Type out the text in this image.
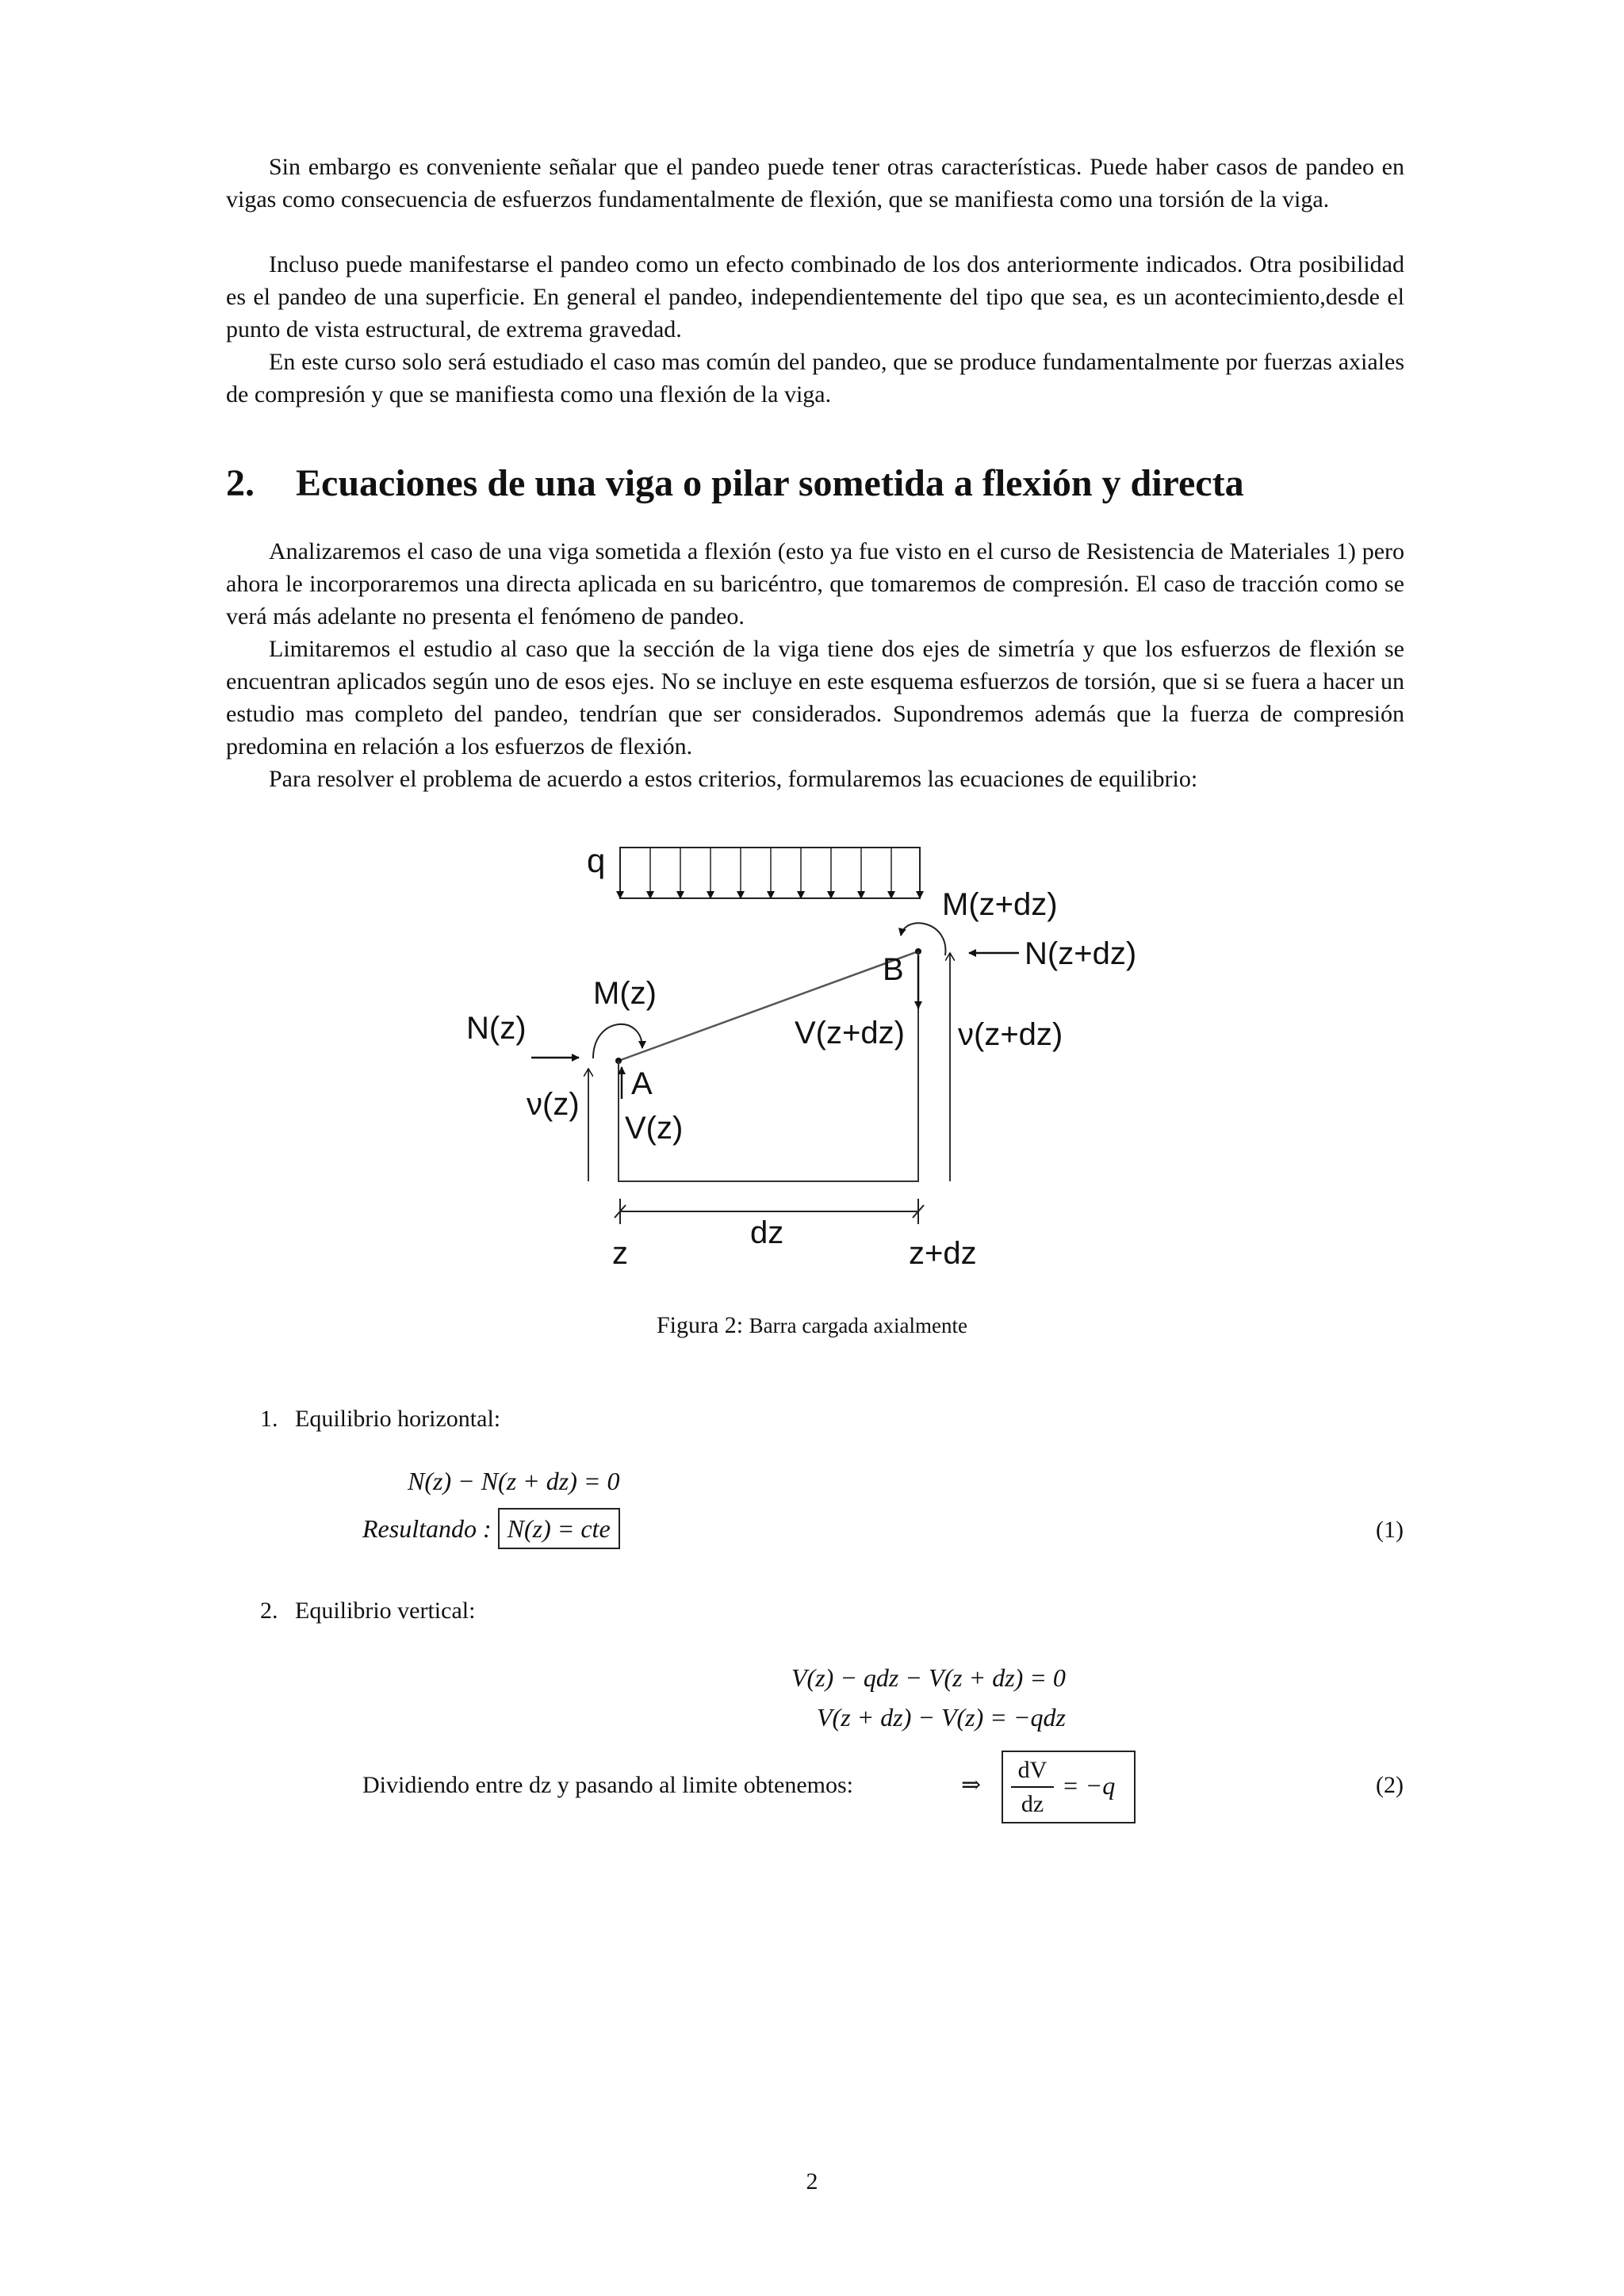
Sin embargo es conveniente señalar que el pandeo puede tener otras características. Puede haber casos de pandeo en vigas como consecuencia de esfuerzos fundamentalmente de flexión, que se manifiesta como una torsión de la viga.

Incluso puede manifestarse el pandeo como un efecto combinado de los dos anteriormente indicados. Otra posibilidad es el pandeo de una superficie. En general el pandeo, independientemente del tipo que sea, es un acontecimiento,desde el punto de vista estructural, de extrema gravedad.

En este curso solo será estudiado el caso mas común del pandeo, que se produce fundamentalmente por fuerzas axiales de compresión y que se manifiesta como una flexión de la viga.

2. Ecuaciones de una viga o pilar sometida a flexión y directa

Analizaremos el caso de una viga sometida a flexión (esto ya fue visto en el curso de Resistencia de Materiales 1) pero ahora le incorporaremos una directa aplicada en su baricéntro, que tomaremos de compresión. El caso de tracción como se verá más adelante no presenta el fenómeno de pandeo.

Limitaremos el estudio al caso que la sección de la viga tiene dos ejes de simetría y que los esfuerzos de flexión se encuentran aplicados según uno de esos ejes. No se incluye en este esquema esfuerzos de torsión, que si se fuera a hacer un estudio mas completo del pandeo, tendrían que ser considerados. Supondremos además que la fuerza de compresión predomina en relación a los esfuerzos de flexión.

Para resolver el problema de acuerdo a estos criterios, formularemos las ecuaciones de equilibrio:

q
M(z)
M(z+dz)
N(z)
N(z+dz)
B
V(z+dz) ν(z+dz)
A
ν(z)
V(z)
dz
z	z+dz
Figura 2: Barra cargada axialmente
1. Equilibrio horizontal:
N(z) − N(z + dz) = 0
Resultando : N(z) = cte	(1)
2. Equilibrio vertical:
V(z) − qdz − V(z + dz) = 0
V(z + dz) − V(z) = −qdz
Dividiendo entre dz y pasando al limite obtenemos:	⇒
dV
dz
= −q	(2)
2
